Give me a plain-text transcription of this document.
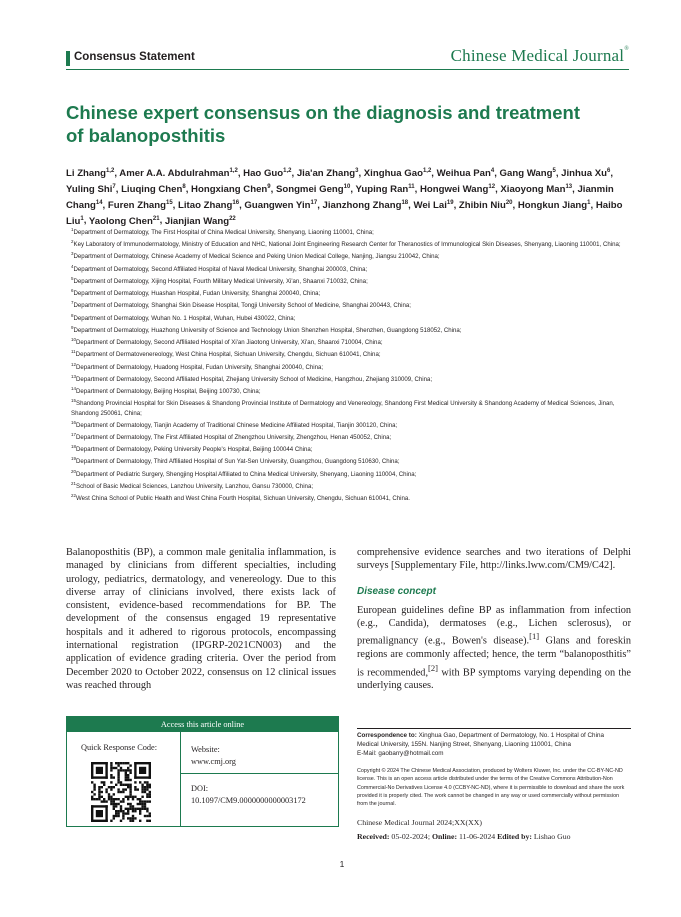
Consensus Statement	Chinese Medical Journal®
Chinese expert consensus on the diagnosis and treatment of balanoposthitis
Li Zhang$^{1,2}$, Amer A.A. Abdulrahman$^{1,2}$, Hao Guo$^{1,2}$, Jia'an Zhang$^3$, Xinghua Gao$^{1,2}$, Weihua Pan$^4$, Gang Wang$^5$, Jinhua Xu$^6$, Yuling Shi$^7$, Liuqing Chen$^8$, Hongxiang Chen$^9$, Songmei Geng$^{10}$, Yuping Ran$^{11}$, Hongwei Wang$^{12}$, Xiaoyong Man$^{13}$, Jianmin Chang$^{14}$, Furen Zhang$^{15}$, Litao Zhang$^{16}$, Guangwen Yin$^{17}$, Jianzhong Zhang$^{18}$, Wei Lai$^{19}$, Zhibin Niu$^{20}$, Hongkun Jiang$^1$, Haibo Liu$^1$, Yaolong Chen$^{21}$, Jianjian Wang$^{22}$
$^1$Department of Dermatology, The First Hospital of China Medical University, Shenyang, Liaoning 110001, China;
$^2$Key Laboratory of Immunodermatology, Ministry of Education and NHC, National Joint Engineering Research Center for Theranostics of Immunological Skin Diseases, Shenyang, Liaoning 110001, China;
$^3$Department of Dermatology, Chinese Academy of Medical Science and Peking Union Medical College, Nanjing, Jiangsu 210042, China;
$^4$Department of Dermatology, Second Affiliated Hospital of Naval Medical University, Shanghai 200003, China;
$^5$Department of Dermatology, Xijing Hospital, Fourth Military Medical University, Xi'an, Shaanxi 710032, China;
$^6$Department of Dermatology, Huashan Hospital, Fudan University, Shanghai 200040, China;
$^7$Department of Dermatology, Shanghai Skin Disease Hospital, Tongji University School of Medicine, Shanghai 200443, China;
$^8$Department of Dermatology, Wuhan No. 1 Hospital, Wuhan, Hubei 430022, China;
$^9$Department of Dermatology, Huazhong University of Science and Technology Union Shenzhen Hospital, Shenzhen, Guangdong 518052, China;
$^{10}$Department of Dermatology, Second Affiliated Hospital of Xi'an Jiaotong University, Xi'an, Shaanxi 710004, China;
$^{11}$Department of Dermatovenereology, West China Hospital, Sichuan University, Chengdu, Sichuan 610041, China;
$^{12}$Department of Dermatology, Huadong Hospital, Fudan University, Shanghai 200040, China;
$^{13}$Department of Dermatology, Second Affiliated Hospital, Zhejiang University School of Medicine, Hangzhou, Zhejiang 310009, China;
$^{14}$Department of Dermatology, Beijing Hospital, Beijing 100730, China;
$^{15}$Shandong Provincial Hospital for Skin Diseases & Shandong Provincial Institute of Dermatology and Venereology, Shandong First Medical University & Shandong Academy of Medical Sciences, Jinan, Shandong 250061, China;
$^{16}$Department of Dermatology, Tianjin Academy of Traditional Chinese Medicine Affiliated Hospital, Tianjin 300120, China;
$^{17}$Department of Dermatology, The First Affiliated Hospital of Zhengzhou University, Zhengzhou, Henan 450052, China;
$^{18}$Department of Dermatology, Peking University People's Hospital, Beijing 100044 China;
$^{19}$Department of Dermatology, Third Affiliated Hospital of Sun Yat-Sen University, Guangzhou, Guangdong 510630, China;
$^{20}$Department of Pediatric Surgery, Shengjing Hospital Affiliated to China Medical University, Shenyang, Liaoning 110004, China;
$^{21}$School of Basic Medical Sciences, Lanzhou University, Lanzhou, Gansu 730000, China;
$^{22}$West China School of Public Health and West China Fourth Hospital, Sichuan University, Chengdu, Sichuan 610041, China.

Balanoposthitis (BP), a common male genitalia inflammation, is managed by clinicians from different specialties, including urology, pediatrics, dermatology, and venereology. Due to this diverse array of clinicians involved, there exists lack of consistent, evidence-based recommendations for BP. The development of the consensus engaged 19 representative hospitals and it adhered to rigorous protocols, encompassing international registration (IPGRP-2021CN003) and the application of evidence grading criteria. Over the period from December 2020 to October 2022, consensus on 12 clinical issues was reached through

comprehensive evidence searches and two iterations of Delphi surveys [Supplementary File, http://links.lww.com/CM9/C42].

Disease concept

European guidelines define BP as inflammation from infection (e.g., Candida), dermatoses (e.g., Lichen sclerosus), or premalignancy (e.g., Bowen's disease).[1] Glans and foreskin regions are commonly affected; hence, the term “balanoposthitis” is recommended,[2] with BP symptoms varying depending on the underlying causes.

Access this article online
Quick Response Code:	Website:
www.cmj.org
DOI:
10.1097/CM9.0000000000003172
Correspondence to: Xinghua Gao, Department of Dermatology, No. 1 Hospital of China Medical University, 155N. Nanjing Street, Shenyang, Liaoning 110001, China
E-Mail: gaobarry@hotmail.com
Copyright © 2024 The Chinese Medical Association, produced by Wolters Kluwer, Inc. under the CC-BY-NC-ND license. This is an open access article distributed under the terms of the Creative Commons Attribution-Non Commercial-No Derivatives License 4.0 (CCBY-NC-ND), where it is permissible to download and share the work provided it is properly cited. The work cannot be changed in any way or used commercially without permission from the journal.
Chinese Medical Journal 2024;XX(XX)
Received: 05-02-2024; Online: 11-06-2024 Edited by: Lishao Guo
1
